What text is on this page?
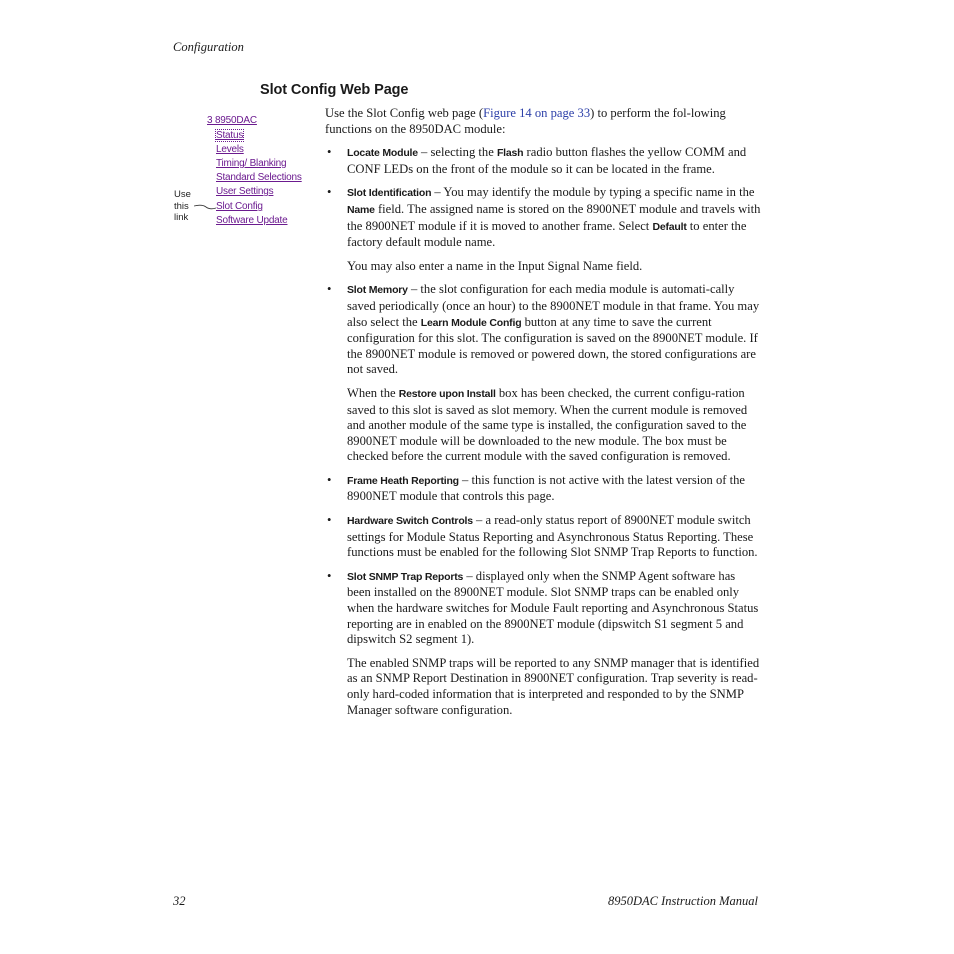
Configuration
Slot Config Web Page
3 8950DAC
Status
Levels
Timing/ Blanking
Standard Selections
User Settings
Slot Config
Software Update
Use
this
link

Use the Slot Config web page (Figure 14 on page 33) to perform the fol-lowing functions on the 8950DAC module:

• Locate Module – selecting the Flash radio button flashes the yellow COMM and CONF LEDs on the front of the module so it can be located in the frame.

• Slot Identification – You may identify the module by typing a specific name in the Name field. The assigned name is stored on the 8900NET module and travels with the 8900NET module if it is moved to another frame. Select Default to enter the factory default module name.

You may also enter a name in the Input Signal Name field.

• Slot Memory – the slot configuration for each media module is automati-cally saved periodically (once an hour) to the 8900NET module in that frame. You may also select the Learn Module Config button at any time to save the current configuration for this slot. The configuration is saved on the 8900NET module. If the 8900NET module is removed or powered down, the stored configurations are not saved.

When the Restore upon Install box has been checked, the current configu-ration saved to this slot is saved as slot memory. When the current module is removed and another module of the same type is installed, the configuration saved to the 8900NET module will be downloaded to the new module. The box must be checked before the current module with the saved configuration is removed.

• Frame Heath Reporting – this function is not active with the latest version of the 8900NET module that controls this page.

• Hardware Switch Controls – a read-only status report of 8900NET module switch settings for Module Status Reporting and Asynchronous Status Reporting. These functions must be enabled for the following Slot SNMP Trap Reports to function.

• Slot SNMP Trap Reports – displayed only when the SNMP Agent software has been installed on the 8900NET module. Slot SNMP traps can be enabled only when the hardware switches for Module Fault reporting and Asynchronous Status reporting are in enabled on the 8900NET module (dipswitch S1 segment 5 and dipswitch S2 segment 1).

The enabled SNMP traps will be reported to any SNMP manager that is identified as an SNMP Report Destination in 8900NET configuration. Trap severity is read-only hard-coded information that is interpreted and responded to by the SNMP Manager software configuration.

32	8950DAC Instruction Manual
